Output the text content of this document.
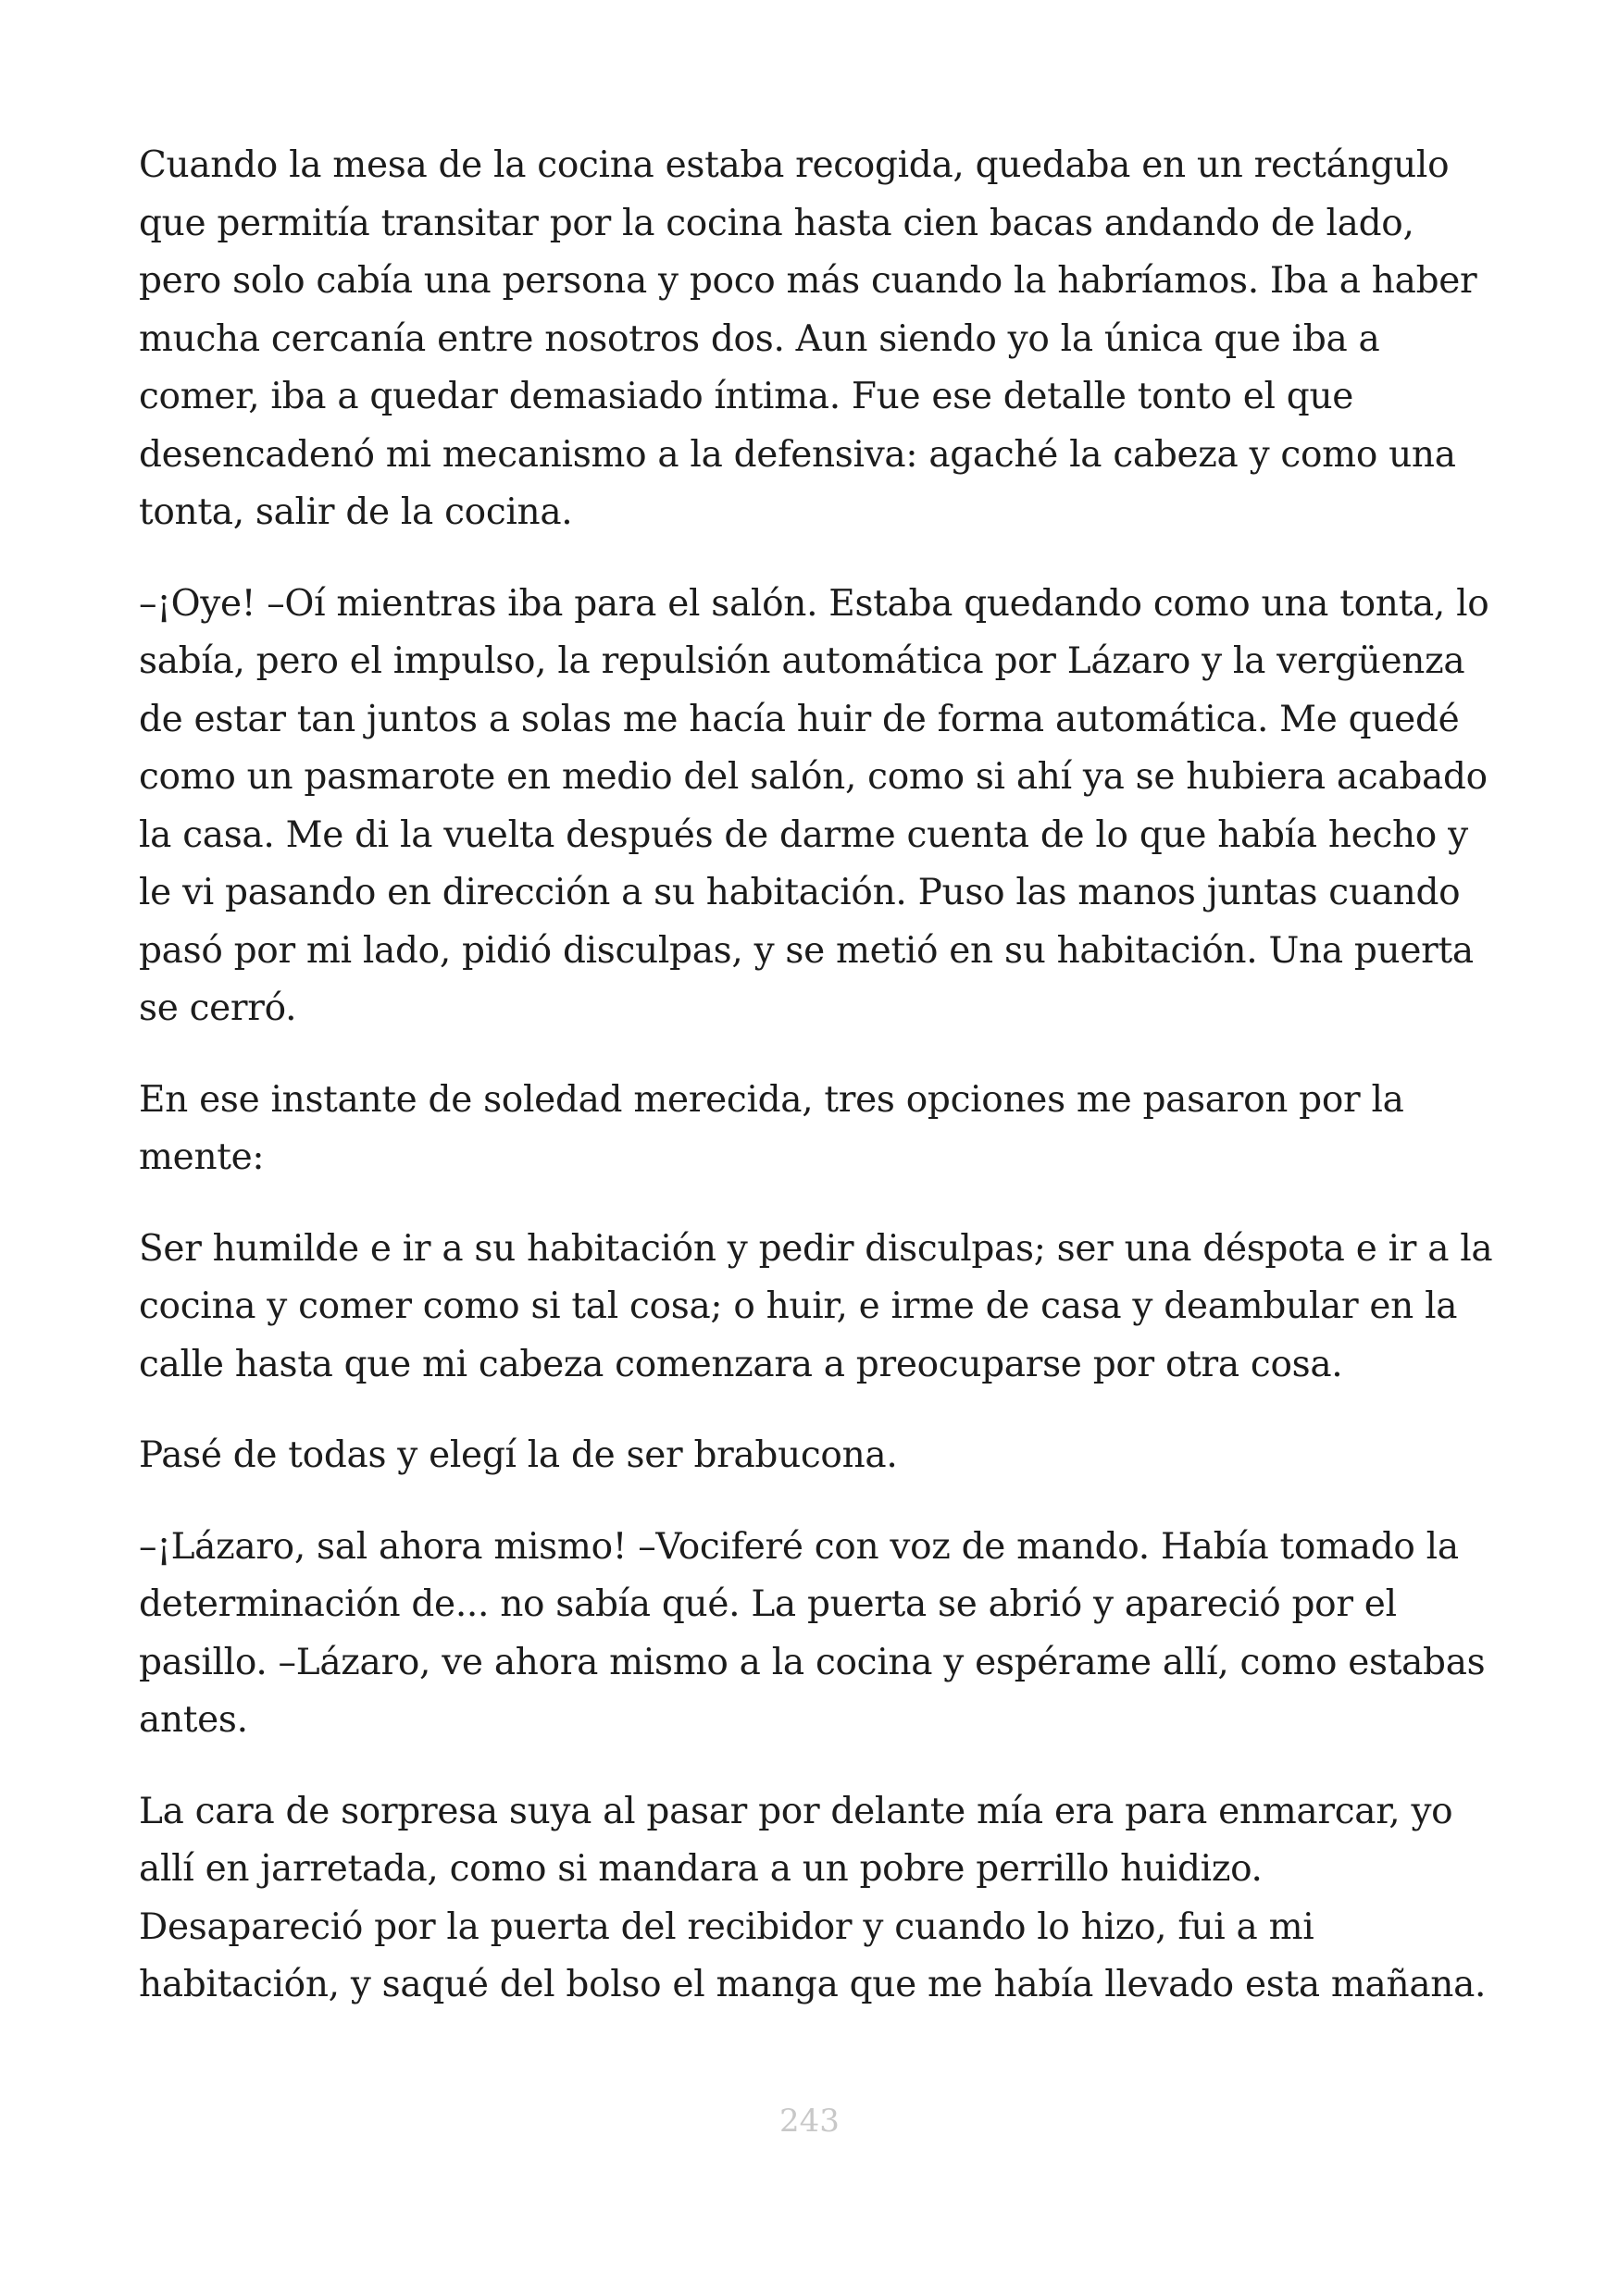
Cuando la mesa de la cocina estaba recogida, quedaba en un rectángulo
que permitía transitar por la cocina hasta cien bacas andando de lado,
pero solo cabía una persona y poco más cuando la habríamos. Iba a haber
mucha cercanía entre nosotros dos. Aun siendo yo la única que iba a
comer, iba a quedar demasiado íntima. Fue ese detalle tonto el que
desencadenó mi mecanismo a la defensiva: agaché la cabeza y como una
tonta, salir de la cocina.

–¡Oye! –Oí mientras iba para el salón. Estaba quedando como una tonta, lo
sabía, pero el impulso, la repulsión automática por Lázaro y la vergüenza
de estar tan juntos a solas me hacía huir de forma automática. Me quedé
como un pasmarote en medio del salón, como si ahí ya se hubiera acabado
la casa. Me di la vuelta después de darme cuenta de lo que había hecho y
le vi pasando en dirección a su habitación. Puso las manos juntas cuando
pasó por mi lado, pidió disculpas, y se metió en su habitación. Una puerta
se cerró.

En ese instante de soledad merecida, tres opciones me pasaron por la
mente:

Ser humilde e ir a su habitación y pedir disculpas; ser una déspota e ir a la
cocina y comer como si tal cosa; o huir, e irme de casa y deambular en la
calle hasta que mi cabeza comenzara a preocuparse por otra cosa.

Pasé de todas y elegí la de ser brabucona.

–¡Lázaro, sal ahora mismo! –Vociferé con voz de mando. Había tomado la
determinación de... no sabía qué. La puerta se abrió y apareció por el
pasillo. –Lázaro, ve ahora mismo a la cocina y espérame allí, como estabas
antes.

La cara de sorpresa suya al pasar por delante mía era para enmarcar, yo
allí en jarretada, como si mandara a un pobre perrillo huidizo.
Desapareció por la puerta del recibidor y cuando lo hizo, fui a mi
habitación, y saqué del bolso el manga que me había llevado esta mañana.

243
